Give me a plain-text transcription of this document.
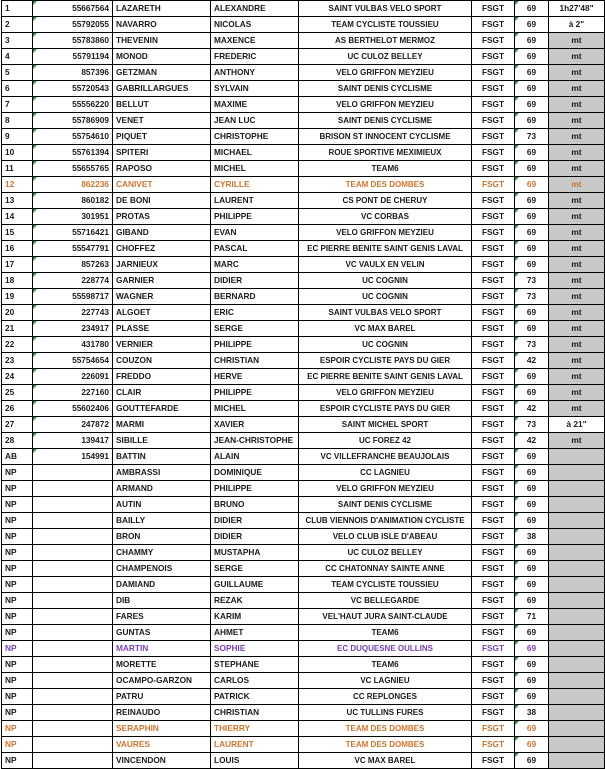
1	55667564	LAZARETH	ALEXANDRE	SAINT VULBAS VELO SPORT	FSGT	69	1h27'48"
2	55792055	NAVARRO	NICOLAS	TEAM CYCLISTE TOUSSIEU	FSGT	69	à 2"
3	55783860	THEVENIN	MAXENCE	AS BERTHELOT MERMOZ	FSGT	69	mt
4	55791194	MONOD	FREDERIC	UC CULOZ BELLEY	FSGT	69	mt
5	857396	GETZMAN	ANTHONY	VELO GRIFFON MEYZIEU	FSGT	69	mt
6	55720543	GABRILLARGUES	SYLVAIN	SAINT DENIS CYCLISME	FSGT	69	mt
7	55556220	BELLUT	MAXIME	VELO GRIFFON MEYZIEU	FSGT	69	mt
8	55786909	VENET	JEAN LUC	SAINT DENIS CYCLISME	FSGT	69	mt
9	55754610	PIQUET	CHRISTOPHE	BRISON ST INNOCENT CYCLISME	FSGT	73	mt
10	55761394	SPITERI	MICHAEL	ROUE SPORTIVE MEXIMIEUX	FSGT	69	mt
11	55655765	RAPOSO	MICHEL	TEAM6	FSGT	69	mt
12	862236	CANIVET	CYRILLE	TEAM DES DOMBES	FSGT	69	mt
13	860182	DE BONI	LAURENT	CS PONT DE CHERUY	FSGT	69	mt
14	301951	PROTAS	PHILIPPE	VC CORBAS	FSGT	69	mt
15	55716421	GIBAND	EVAN	VELO GRIFFON MEYZIEU	FSGT	69	mt
16	55547791	CHOFFEZ	PASCAL	EC PIERRE BENITE SAINT GENIS LAVAL	FSGT	69	mt
17	857263	JARNIEUX	MARC	VC VAULX EN VELIN	FSGT	69	mt
18	228774	GARNIER	DIDIER	UC COGNIN	FSGT	73	mt
19	55598717	WAGNER	BERNARD	UC COGNIN	FSGT	73	mt
20	227743	ALGOET	ERIC	SAINT VULBAS VELO SPORT	FSGT	69	mt
21	234917	PLASSE	SERGE	VC MAX BAREL	FSGT	69	mt
22	431780	VERNIER	PHILIPPE	UC COGNIN	FSGT	73	mt
23	55754654	COUZON	CHRISTIAN	ESPOIR CYCLISTE PAYS DU GIER	FSGT	42	mt
24	226091	FREDDO	HERVE	EC PIERRE BENITE SAINT GENIS LAVAL	FSGT	69	mt
25	227160	CLAIR	PHILIPPE	VELO GRIFFON MEYZIEU	FSGT	69	mt
26	55602406	GOUTTEFARDE	MICHEL	ESPOIR CYCLISTE PAYS DU GIER	FSGT	42	mt
27	247872	MARMI	XAVIER	SAINT MICHEL SPORT	FSGT	73	à 21"
28	139417	SIBILLE	JEAN-CHRISTOPHE	UC FOREZ 42	FSGT	42	mt
AB	154991	BATTIN	ALAIN	VC VILLEFRANCHE BEAUJOLAIS	FSGT	69

NP		AMBRASSI	DOMINIQUE	CC LAGNIEU	FSGT	69

NP		ARMAND	PHILIPPE	VELO GRIFFON MEYZIEU	FSGT	69

NP		AUTIN	BRUNO	SAINT DENIS CYCLISME	FSGT	69

NP		BAILLY	DIDIER	CLUB VIENNOIS D'ANIMATION CYCLISTE	FSGT	69

NP		BRON	DIDIER	VELO CLUB ISLE D'ABEAU	FSGT	38

NP		CHAMMY	MUSTAPHA	UC CULOZ BELLEY	FSGT	69

NP		CHAMPENOIS	SERGE	CC CHATONNAY SAINTE ANNE	FSGT	69

NP		DAMIAND	GUILLAUME	TEAM CYCLISTE TOUSSIEU	FSGT	69

NP		DIB	REZAK	VC BELLEGARDE	FSGT	69

NP		FARES	KARIM	VEL'HAUT JURA SAINT-CLAUDE	FSGT	71

NP		GUNTAS	AHMET	TEAM6	FSGT	69

NP		MARTIN	SOPHIE	EC DUQUESNE OULLINS	FSGT	69

NP		MORETTE	STEPHANE	TEAM6	FSGT	69

NP		OCAMPO-GARZON	CARLOS	VC LAGNIEU	FSGT	69

NP		PATRU	PATRICK	CC REPLONGES	FSGT	69

NP		REINAUDO	CHRISTIAN	UC TULLINS FURES	FSGT	38

NP		SERAPHIN	THIERRY	TEAM DES DOMBES	FSGT	69

NP		VAURES	LAURENT	TEAM DES DOMBES	FSGT	69

NP		VINCENDON	LOUIS	VC MAX BAREL	FSGT	69
